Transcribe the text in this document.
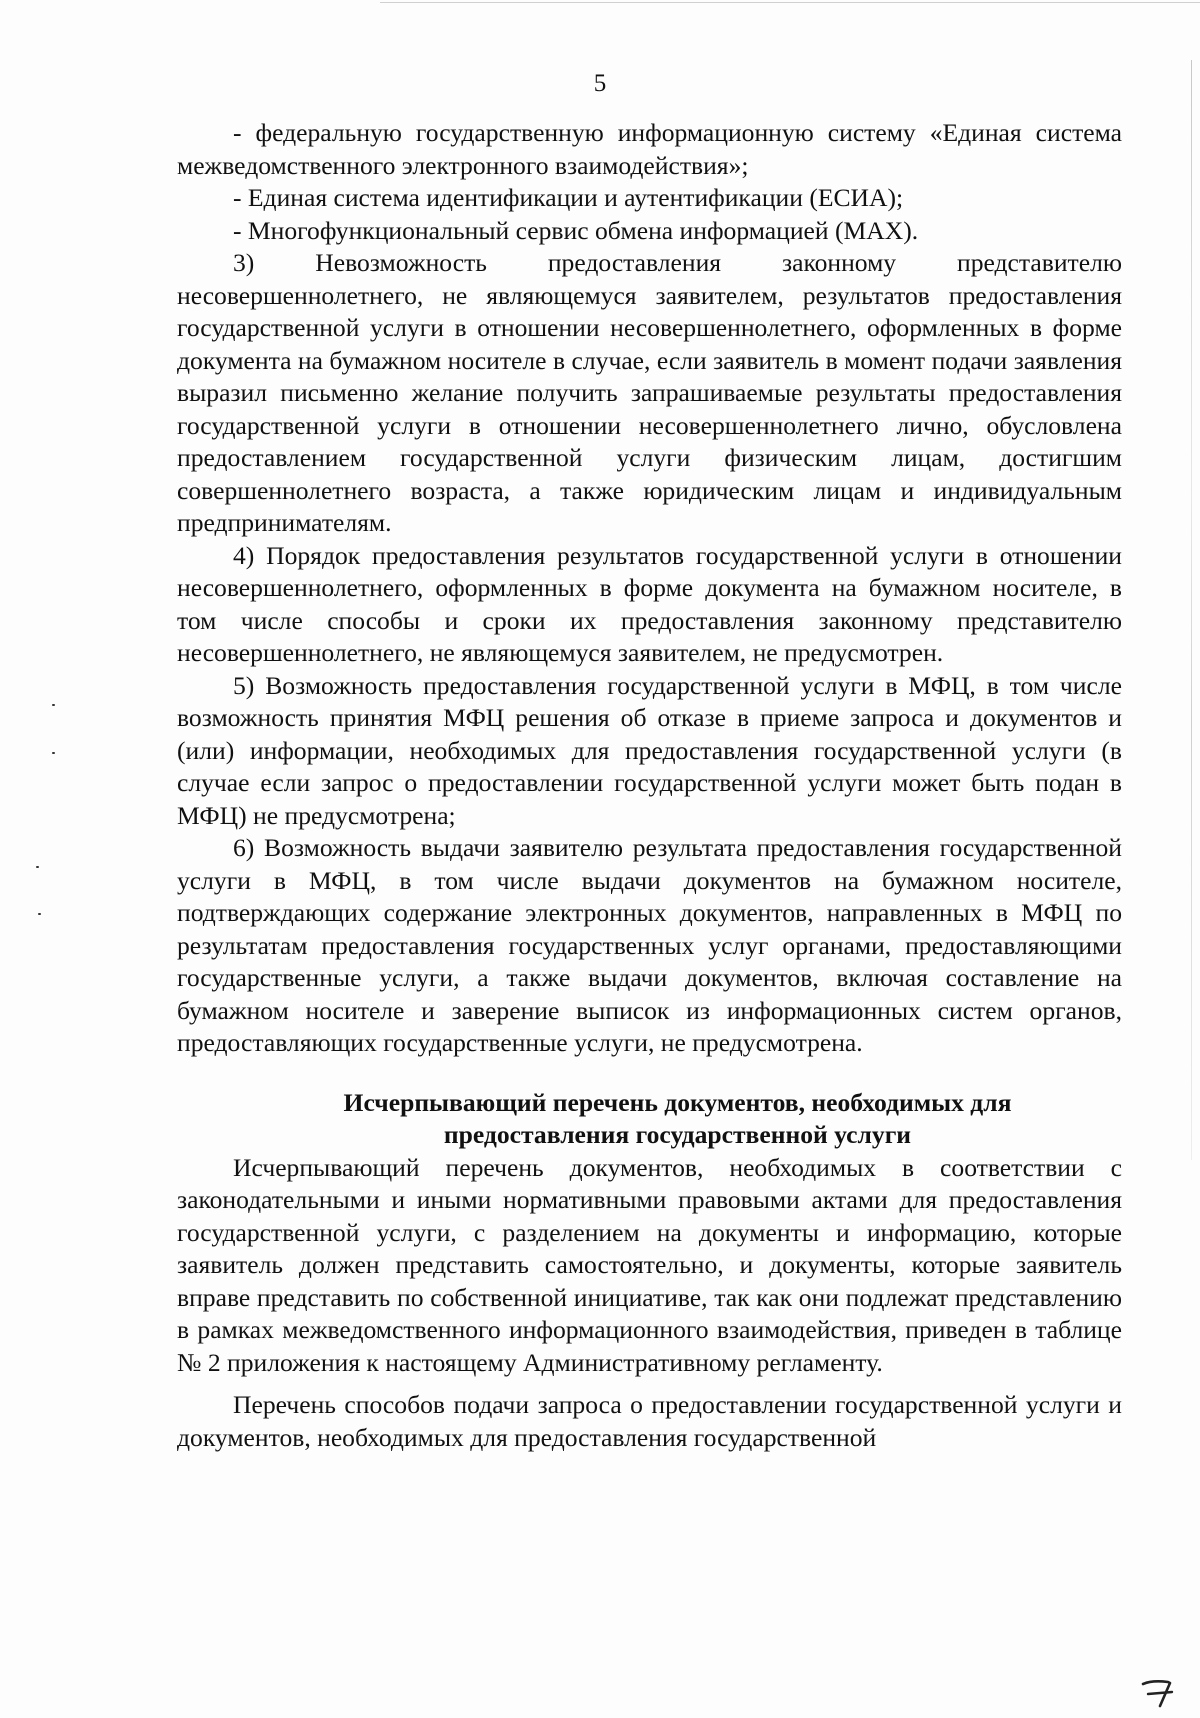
5

- федеральную государственную информационную систему «Единая система межведомственного электронного взаимодействия»;

- Единая система идентификации и аутентификации (ЕСИА);

- Многофункциональный сервис обмена информацией (MAX).

3) Невозможность предоставления законному представителю несовершеннолетнего, не являющемуся заявителем, результатов предоставления государственной услуги в отношении несовершеннолетнего, оформленных в форме документа на бумажном носителе в случае, если заявитель в момент подачи заявления выразил письменно желание получить запрашиваемые результаты предоставления государственной услуги в отношении несовершеннолетнего лично, обусловлена предоставлением государственной услуги физическим лицам, достигшим совершеннолетнего возраста, а также юридическим лицам и индивидуальным предпринимателям.

4) Порядок предоставления результатов государственной услуги в отношении несовершеннолетнего, оформленных в форме документа на бумажном носителе, в том числе способы и сроки их предоставления законному представителю несовершеннолетнего, не являющемуся заявителем, не предусмотрен.

5) Возможность предоставления государственной услуги в МФЦ, в том числе возможность принятия МФЦ решения об отказе в приеме запроса и документов и (или) информации, необходимых для предоставления государственной услуги (в случае если запрос о предоставлении государственной услуги может быть подан в МФЦ) не предусмотрена;

6) Возможность выдачи заявителю результата предоставления государственной услуги в МФЦ, в том числе выдачи документов на бумажном носителе, подтверждающих содержание электронных документов, направленных в МФЦ по результатам предоставления государственных услуг органами, предоставляющими государственные услуги, а также выдачи документов, включая составление на бумажном носителе и заверение выписок из информационных систем органов, предоставляющих государственные услуги, не предусмотрена.

Исчерпывающий перечень документов, необходимых для
предоставления государственной услуги

Исчерпывающий перечень документов, необходимых в соответствии с законодательными и иными нормативными правовыми актами для предоставления государственной услуги, с разделением на документы и информацию, которые заявитель должен представить самостоятельно, и документы, которые заявитель вправе представить по собственной инициативе, так как они подлежат представлению в рамках межведомственного информационного взаимодействия, приведен в таблице № 2 приложения к настоящему Административному регламенту.

Перечень способов подачи запроса о предоставлении государственной услуги и документов, необходимых для предоставления государственной
